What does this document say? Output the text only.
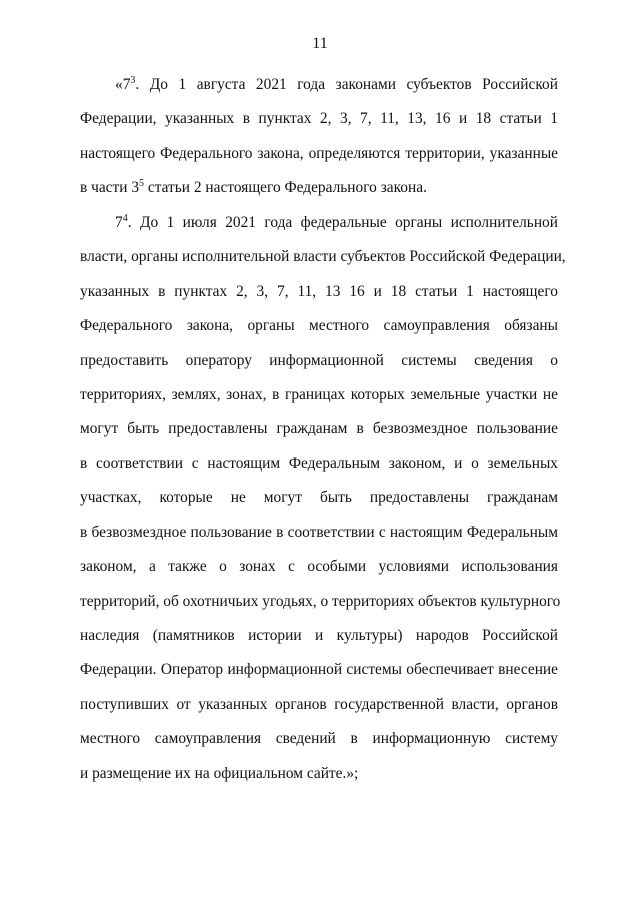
11
«$7^3$. До 1 августа 2021 года законами субъектов Российской
Федерации, указанных в пунктах 2, 3, 7, 11, 13, 16 и 18 статьи 1
настоящего Федерального закона, определяются территории, указанные
в части $3^5$ статьи 2 настоящего Федерального закона.
$7^4$. До 1 июля 2021 года федеральные органы исполнительной
власти, органы исполнительной власти субъектов Российской Федерации,
указанных в пунктах 2, 3, 7, 11, 13 16 и 18 статьи 1 настоящего
Федерального закона, органы местного самоуправления обязаны
предоставить оператору информационной системы сведения о
территориях, землях, зонах, в границах которых земельные участки не
могут быть предоставлены гражданам в безвозмездное пользование
в соответствии с настоящим Федеральным законом, и о земельных
участках, которые не могут быть предоставлены гражданам
в безвозмездное пользование в соответствии с настоящим Федеральным
законом, а также о зонах с особыми условиями использования
территорий, об охотничьих угодьях, о территориях объектов культурного
наследия (памятников истории и культуры) народов Российской
Федерации. Оператор информационной системы обеспечивает внесение
поступивших от указанных органов государственной власти, органов
местного самоуправления сведений в информационную систему
и размещение их на официальном сайте.»;
